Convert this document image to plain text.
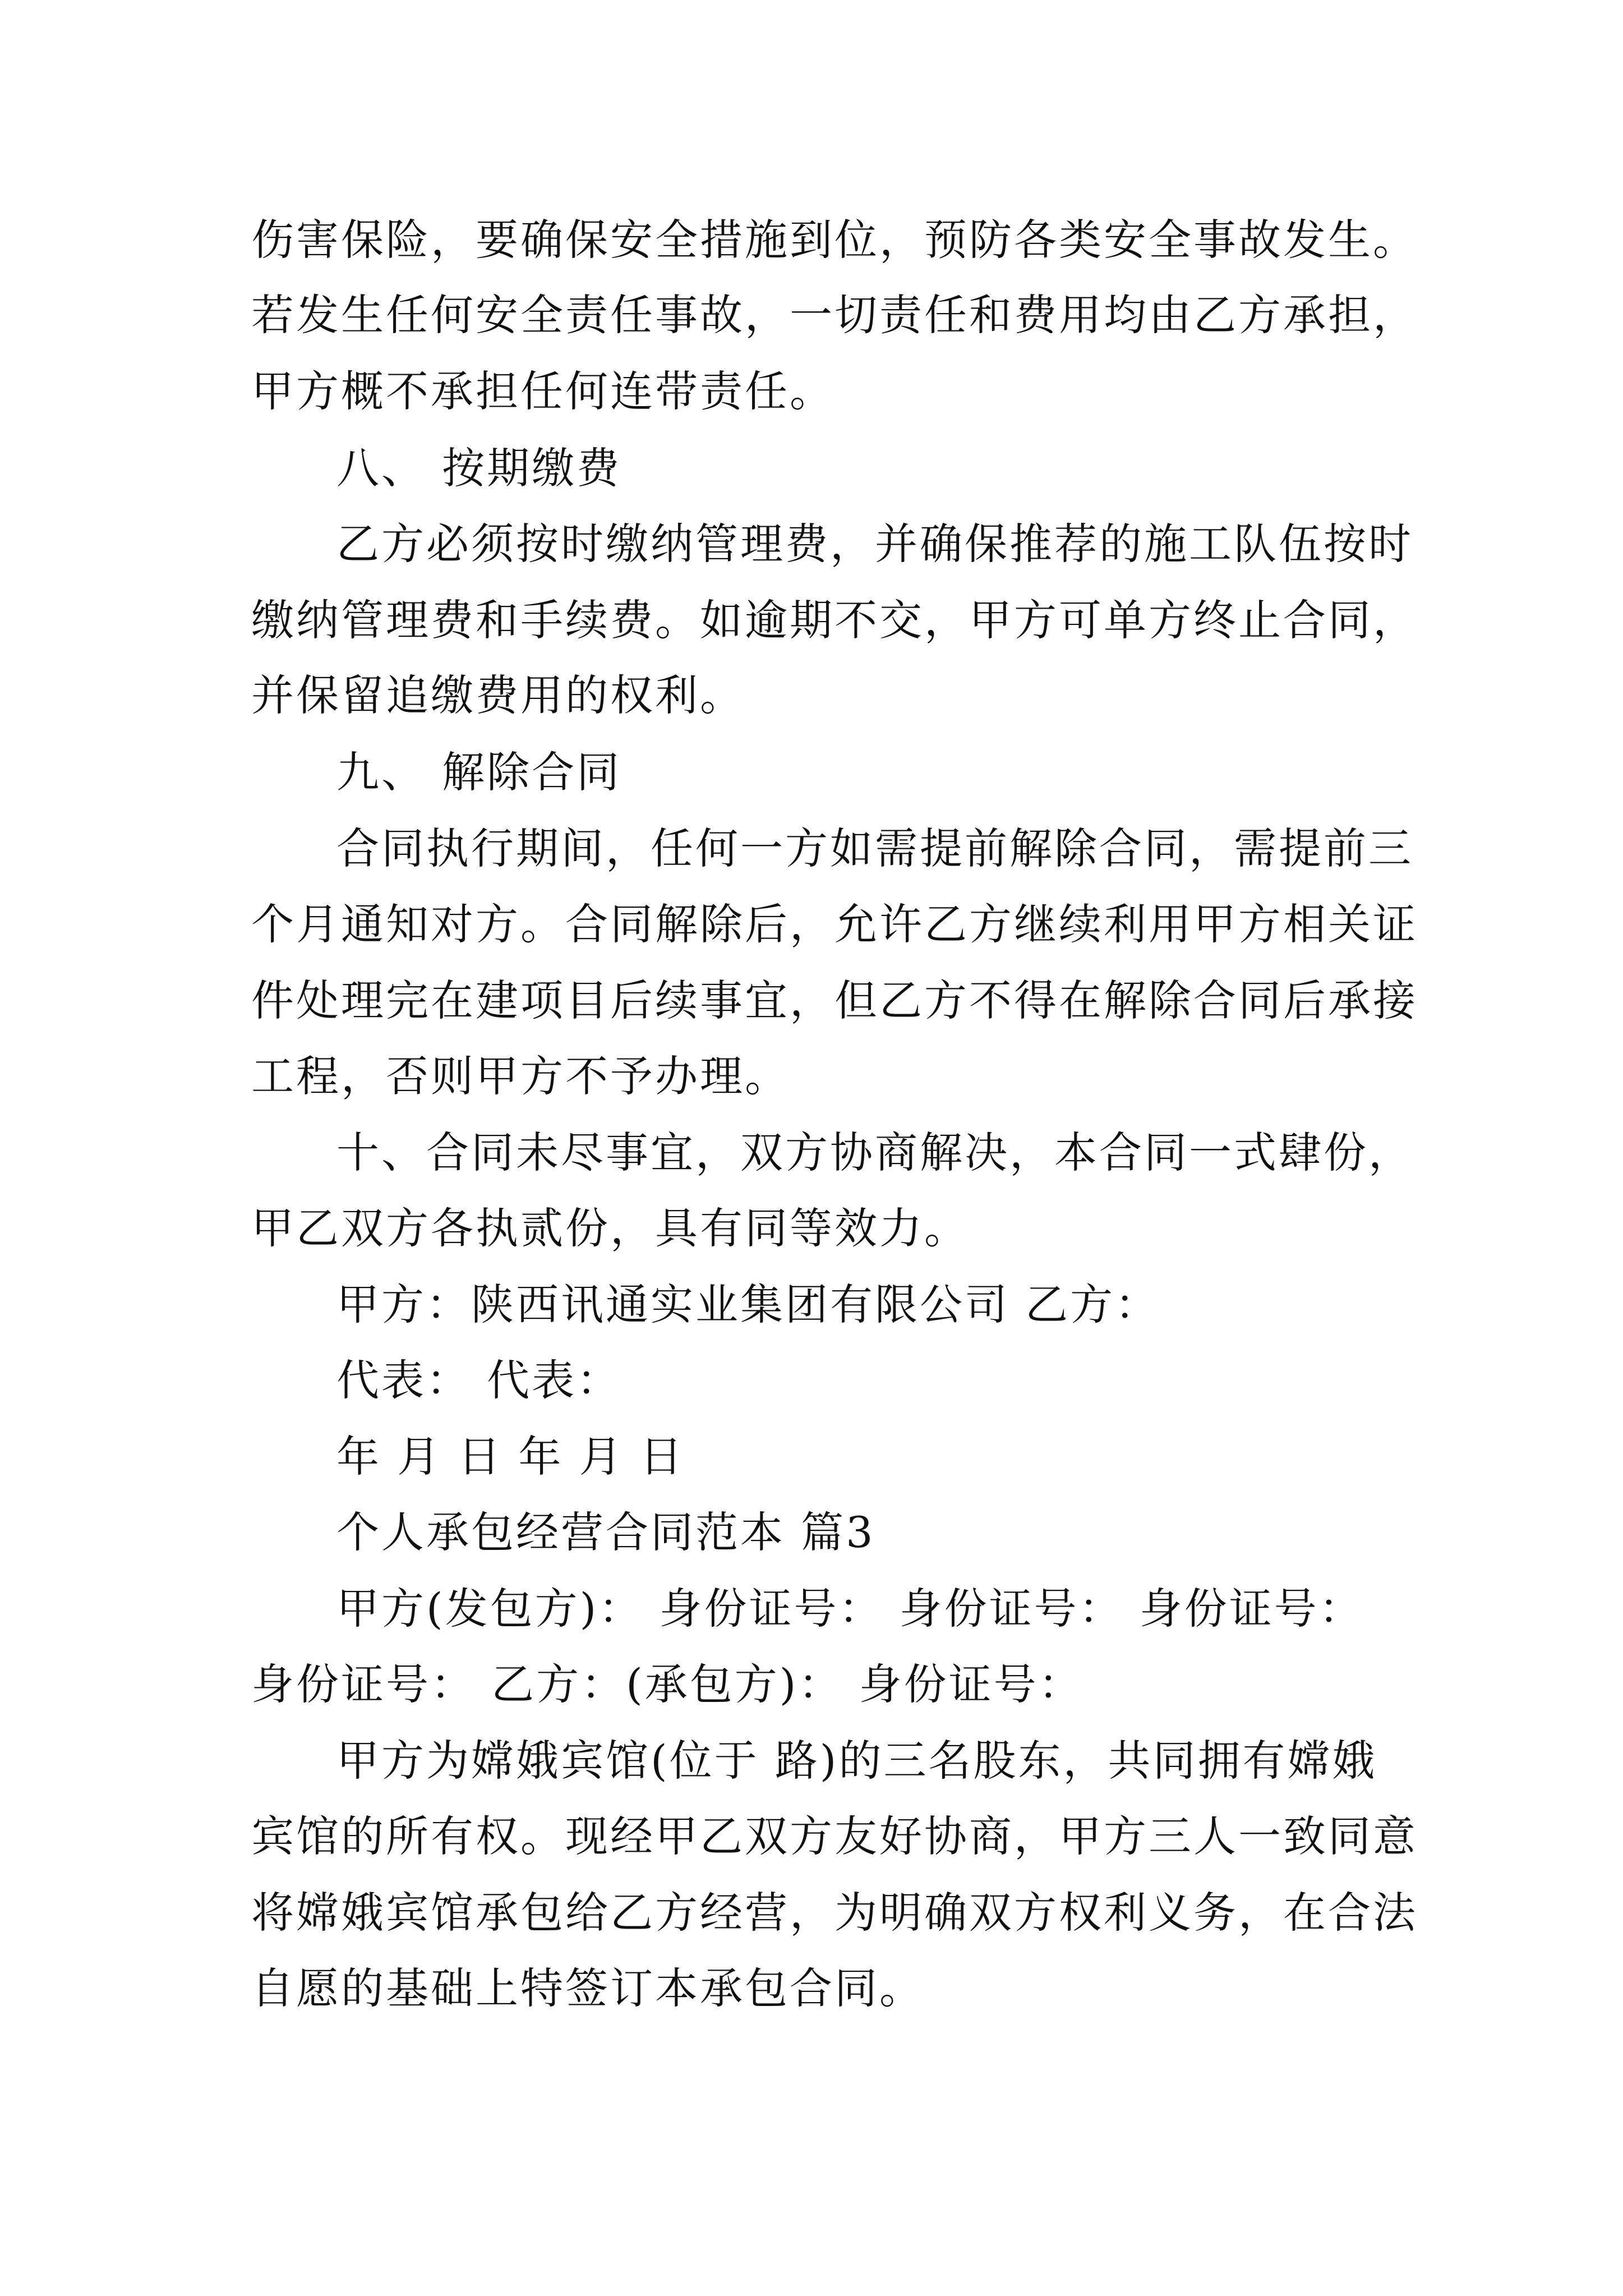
伤害保险，要确保安全措施到位，预防各类安全事故发生。

若发生任何安全责任事故，一切责任和费用均由乙方承担，

甲方概不承担任何连带责任。

八、 按期缴费

乙方必须按时缴纳管理费，并确保推荐的施工队伍按时

缴纳管理费和手续费。如逾期不交，甲方可单方终止合同，

并保留追缴费用的权利。

九、 解除合同

合同执行期间，任何一方如需提前解除合同，需提前三

个月通知对方。合同解除后，允许乙方继续利用甲方相关证

件处理完在建项目后续事宜，但乙方不得在解除合同后承接

工程，否则甲方不予办理。

十、合同未尽事宜，双方协商解决，本合同一式肆份，

甲乙双方各执贰份，具有同等效力。

甲方：陕西讯通实业集团有限公司 乙方：

代表： 代表：

年 月 日 年 月 日

个人承包经营合同范本 篇3

甲方(发包方)： 身份证号： 身份证号： 身份证号：

身份证号： 乙方：(承包方)： 身份证号：

甲方为嫦娥宾馆(位于 路)的三名股东，共同拥有嫦娥

宾馆的所有权。现经甲乙双方友好协商，甲方三人一致同意

将嫦娥宾馆承包给乙方经营，为明确双方权利义务，在合法

自愿的基础上特签订本承包合同。
